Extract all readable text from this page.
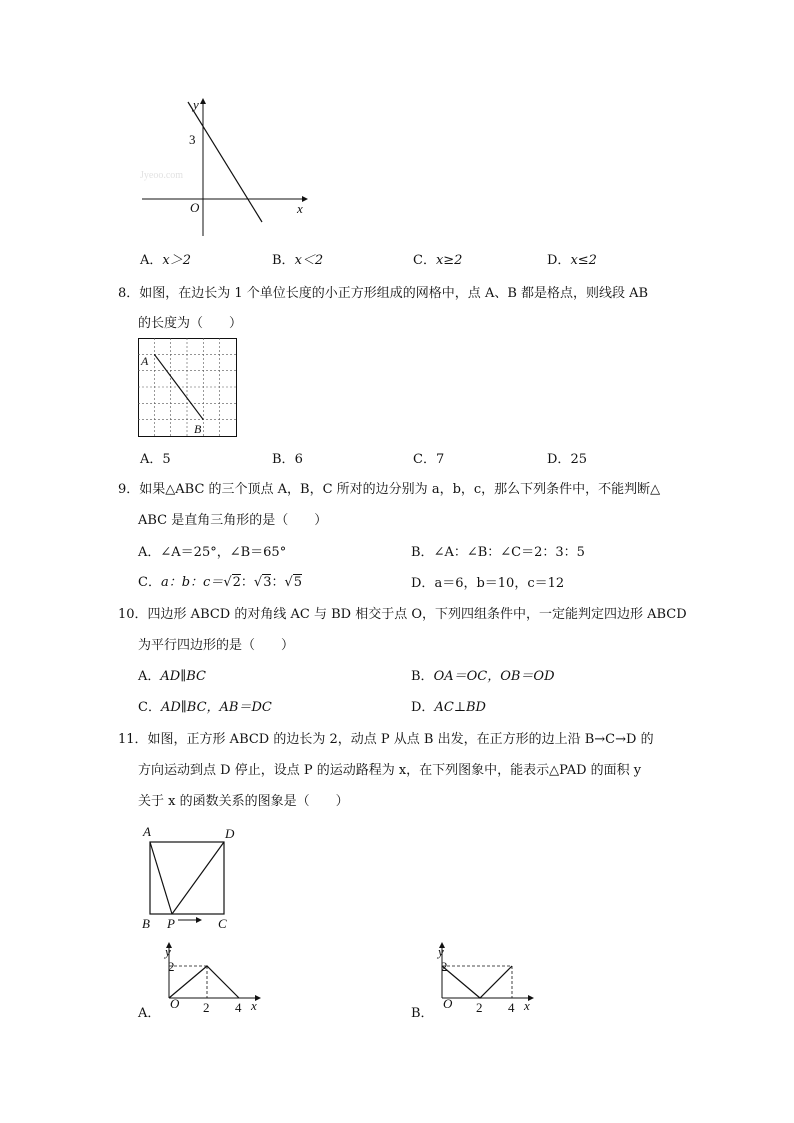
y
3
O	x
Jyeoo.com
A．x＞2	B．x＜2	C．x≥2	D．x≤2
8．如图，在边长为 1 个单位长度的小正方形组成的网格中，点 A、B 都是格点，则线段 AB
的长度为（　　）
A
B
A．5	B．6	C．7	D．25
9．如果△ABC 的三个顶点 A，B，C 所对的边分别为 a，b，c，那么下列条件中，不能判断△
ABC 是直角三角形的是（　　）
A．∠A＝25°，∠B＝65°	B．∠A：∠B：∠C＝2：3：5
C．a：b：c＝√2：√3：√5	D．a＝6，b＝10，c＝12
10．四边形 ABCD 的对角线 AC 与 BD 相交于点 O，下列四组条件中，一定能判定四边形 ABCD
为平行四边形的是（　　）
A．AD∥BC	B．OA＝OC，OB＝OD
C．AD∥BC，AB＝DC	D．AC⊥BD
11．如图，正方形 ABCD 的边长为 2，动点 P 从点 B 出发，在正方形的边上沿 B→C→D 的
方向运动到点 D 停止，设点 P 的运动路程为 x，在下列图象中，能表示△PAD 的面积 y
关于 x 的函数关系的图象是（　　）
A	D
B P	C
A．
y
2
O 2 4 x
B．
y
2
O 2 4 x
